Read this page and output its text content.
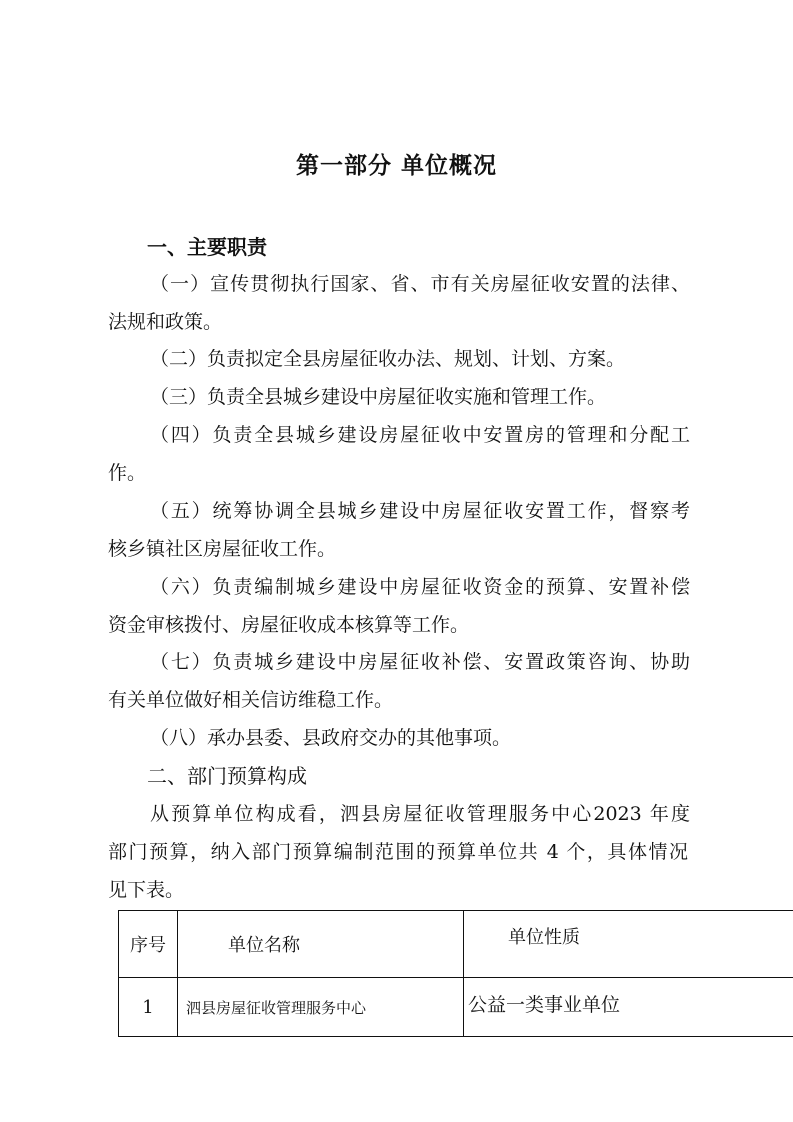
第一部分 单位概况
一、主要职责
（一）宣传贯彻执行国家、省、市有关房屋征收安置的法律、
法规和政策。
（二）负责拟定全县房屋征收办法、规划、计划、方案。
（三）负责全县城乡建设中房屋征收实施和管理工作。
（四）负责全县城乡建设房屋征收中安置房的管理和分配工
作。
（五）统筹协调全县城乡建设中房屋征收安置工作，督察考
核乡镇社区房屋征收工作。
（六）负责编制城乡建设中房屋征收资金的预算、安置补偿
资金审核拨付、房屋征收成本核算等工作。
（七）负责城乡建设中房屋征收补偿、安置政策咨询、协助
有关单位做好相关信访维稳工作。
（八）承办县委、县政府交办的其他事项。
二、部门预算构成
从预算单位构成看，泗县房屋征收管理服务中心2023 年度
部门预算，纳入部门预算编制范围的预算单位共 4 个，具体情况
见下表。
序号	单位名称	单位性质
1	泗县房屋征收管理服务中心	公益一类事业单位
